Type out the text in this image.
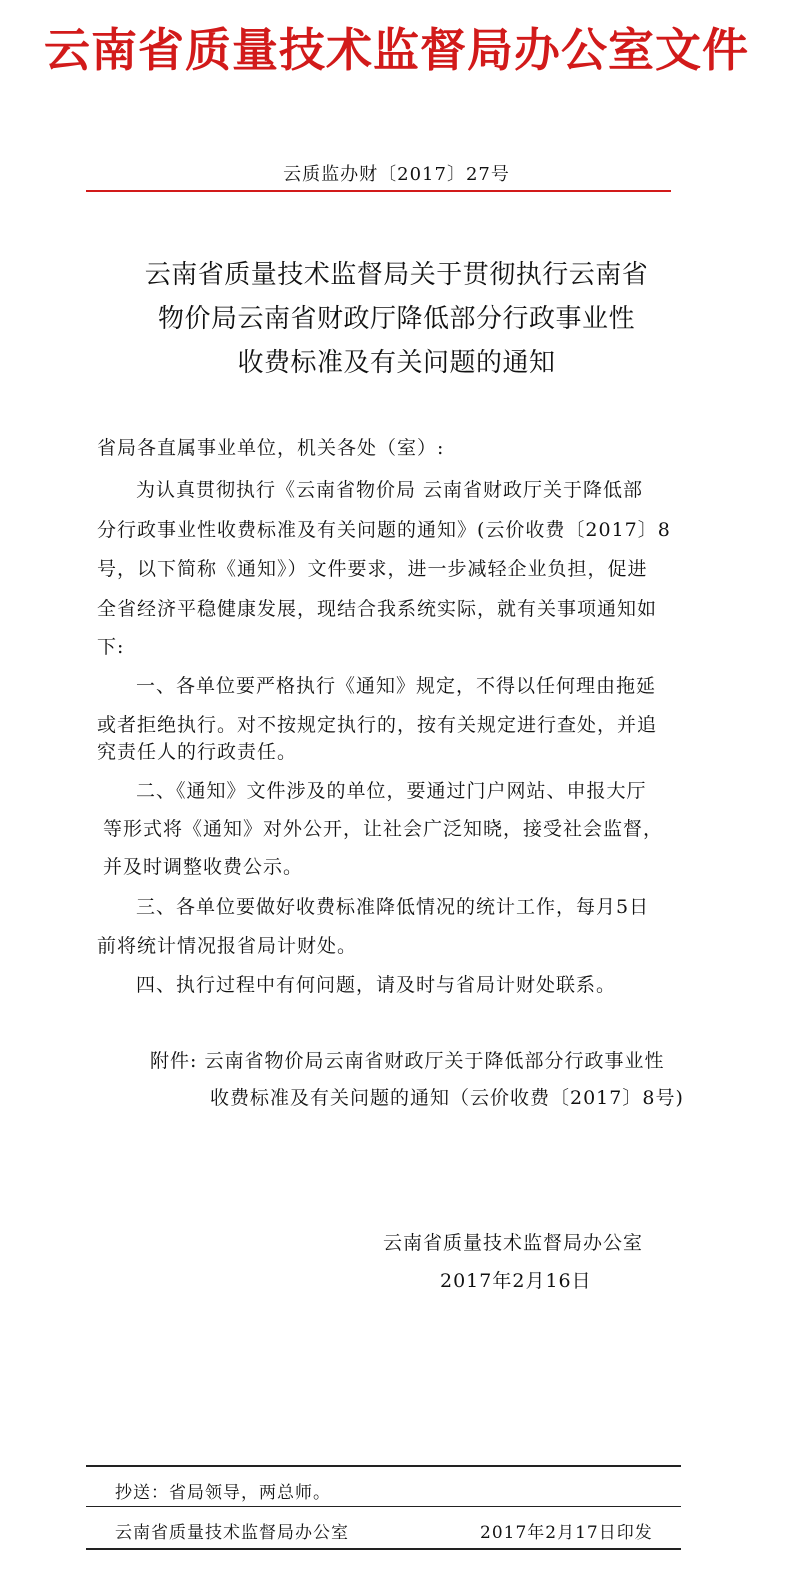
云南省质量技术监督局办公室文件
云质监办财〔2017〕27号
云南省质量技术监督局关于贯彻执行云南省
物价局云南省财政厅降低部分行政事业性
收费标准及有关问题的通知
省局各直属事业单位，机关各处（室）:
为认真贯彻执行《云南省物价局 云南省财政厅关于降低部
分行政事业性收费标准及有关问题的通知》(云价收费〔2017〕8
号，以下简称《通知》）文件要求，进一步减轻企业负担，促进
全省经济平稳健康发展，现结合我系统实际，就有关事项通知如
下:
一、各单位要严格执行《通知》规定，不得以任何理由拖延
或者拒绝执行。对不按规定执行的，按有关规定进行查处，并追
究责任人的行政责任。
二、《通知》文件涉及的单位，要通过门户网站、申报大厅
等形式将《通知》对外公开，让社会广泛知晓，接受社会监督，
并及时调整收费公示。
三、各单位要做好收费标准降低情况的统计工作，每月5日
前将统计情况报省局计财处。
四、执行过程中有何问题，请及时与省局计财处联系。
附件: 云南省物价局云南省财政厅关于降低部分行政事业性
收费标准及有关问题的通知（云价收费〔2017〕8号)
云南省质量技术监督局办公室
2017年2月16日
抄送：省局领导，两总师。
云南省质量技术监督局办公室	2017年2月17日印发
